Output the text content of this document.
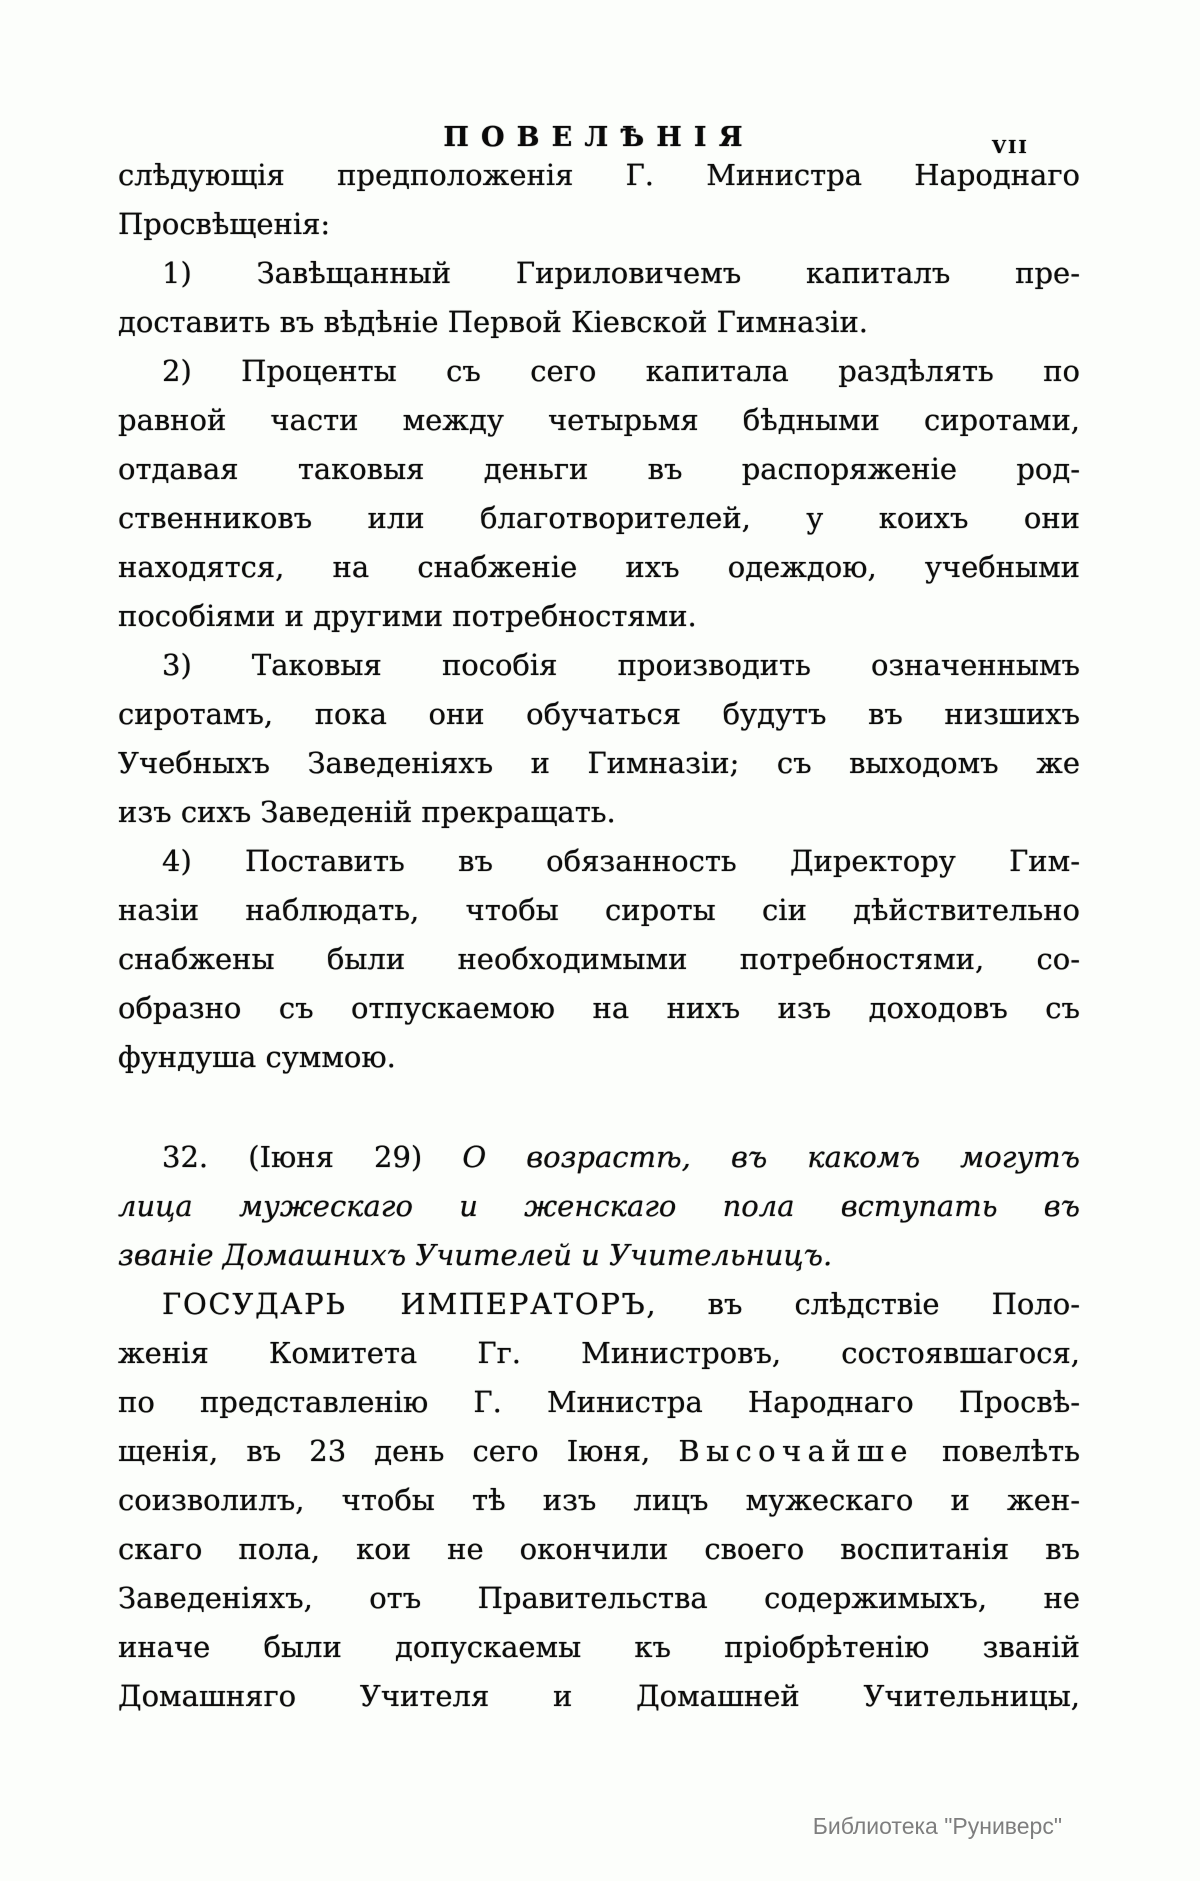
ПОВЕЛѢНІЯ	vii
слѣдующія предположенія Г. Министра Народнаго
Просвѣщенія:
1) Завѣщанный Гириловичемъ капиталъ пре-
доставить въ вѣдѣніе Первой Кіевской Гимназіи.
2) Проценты съ сего капитала раздѣлять по
равной части между четырьмя бѣдными сиротами,
отдавая таковыя деньги въ распоряженіе род-
ственниковъ или благотворителей, у коихъ они
находятся, на снабженіе ихъ одеждою, учебными
пособіями и другими потребностями.
3) Таковыя пособія производить означеннымъ
сиротамъ, пока они обучаться будутъ въ низшихъ
Учебныхъ Заведеніяхъ и Гимназіи; съ выходомъ же
изъ сихъ Заведеній прекращать.
4) Поставить въ обязанность Директору Гим-
назіи наблюдать, чтобы сироты сіи дѣйствительно
снабжены были необходимыми потребностями, со-
образно съ отпускаемою на нихъ изъ доходовъ съ
фундуша суммою.
32. (Іюня 29) О возрастѣ, въ какомъ могутъ
лица мужескаго и женскаго пола вступать въ
званіе Домашнихъ Учителей и Учительницъ.
ГОСУДАРЬ ИМПЕРАТОРЪ, въ слѣдствіе Поло-
женія Комитета Гг. Министровъ, состоявшагося,
по представленію Г. Министра Народнаго Просвѣ-
щенія, въ 23 день сего Іюня, Высочайше повелѣть
соизволилъ, чтобы тѣ изъ лицъ мужескаго и жен-
скаго пола, кои не окончили своего воспитанія въ
Заведеніяхъ, отъ Правительства содержимыхъ, не
иначе были допускаемы къ пріобрѣтенію званій
Домашняго Учителя и Домашней Учительницы,
Библиотека "Руниверс"
